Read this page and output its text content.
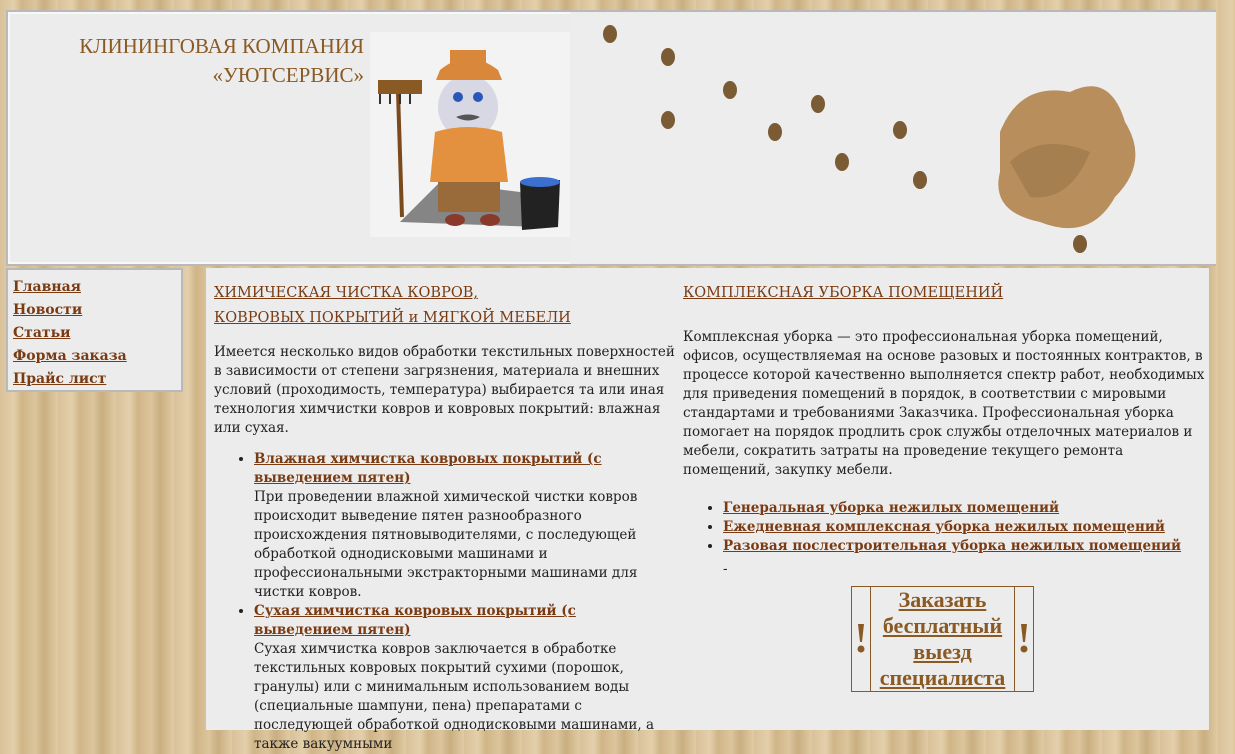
КЛИНИНГОВАЯ КОМПАНИЯ
«УЮТСЕРВИС»
Главная
Новости
Статьи
Форма заказа
Прайс лист
ХИМИЧЕСКАЯ ЧИСТКА КОВРОВ,
КОВРОВЫХ ПОКРЫТИЙ и МЯГКОЙ МЕБЕЛИ

Имеется несколько видов обработки текстильных поверхностей в зависимости от степени загрязнения, материала и внешних условий (проходимость, температура) выбирается та или иная технология химчистки ковров и ковровых покрытий: влажная или сухая.

• Влажная химчистка ковровых покрытий (с выведением пятен)
При проведении влажной химической чистки ковров происходит выведение пятен разнообразного происхождения пятновыводителями, с последующей обработкой однодисковыми машинами и профессиональными экстракторными машинами для чистки ковров.
• Сухая химчистка ковровых покрытий (с выведением пятен)
Сухая химчистка ковров заключается в обработке текстильных ковровых покрытий сухими (порошок, гранулы) или с минимальным использованием воды (специальные шампуни, пена) препаратами с последующей обработкой однодисковыми машинами, а также вакуумными
КОМПЛЕКСНАЯ УБОРКА ПОМЕЩЕНИЙ

Комплексная уборка — это профессиональная уборка помещений, офисов, осуществляемая на основе разовых и постоянных контрактов, в процессе которой качественно выполняется спектр работ, необходимых для приведения помещений в порядок, в соответствии с мировыми стандартами и требованиями Заказчика. Профессиональная уборка помогает на порядок продлить срок службы отделочных материалов и мебели, сократить затраты на проведение текущего ремонта помещений, закупку мебели.

• Генеральная уборка нежилых помещений
• Ежедневная комплексная уборка нежилых помещений
• Разовая послестроительная уборка нежилых помещений
-
Заказать
бесплатный
выезд
специалиста
